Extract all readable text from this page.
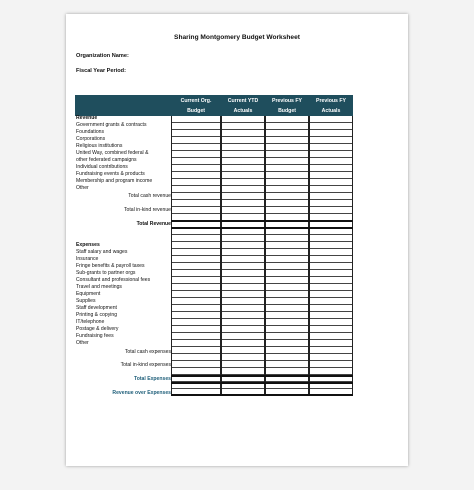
Sharing Montgomery Budget Worksheet
Organization Name:
Fiscal Year Period:
Current Org.
Budget
Current YTD
Actuals
Previous FY
Budget
Previous FY
Actuals
Revenue
Government grants & contracts
Foundations
Corporations
Religious institutions
United Way, combined federal &
other federated campaigns
Individual contributions
Fundraising events & products
Membership and program income
Other
Total cash revenue
Total in-kind revenue
Total Revenue
Expenses
Staff salary and wages
Insurance
Fringe benefits & payroll taxes
Sub-grants to partner orgs
Consultant and professional fees
Travel and meetings
Equipment
Supplies
Staff development
Printing & copying
IT/telephone
Postage & delivery
Fundraising fees
Other
Total cash expenses
Total in-kind expenses
Total Expenses
Revenue over Expenses
